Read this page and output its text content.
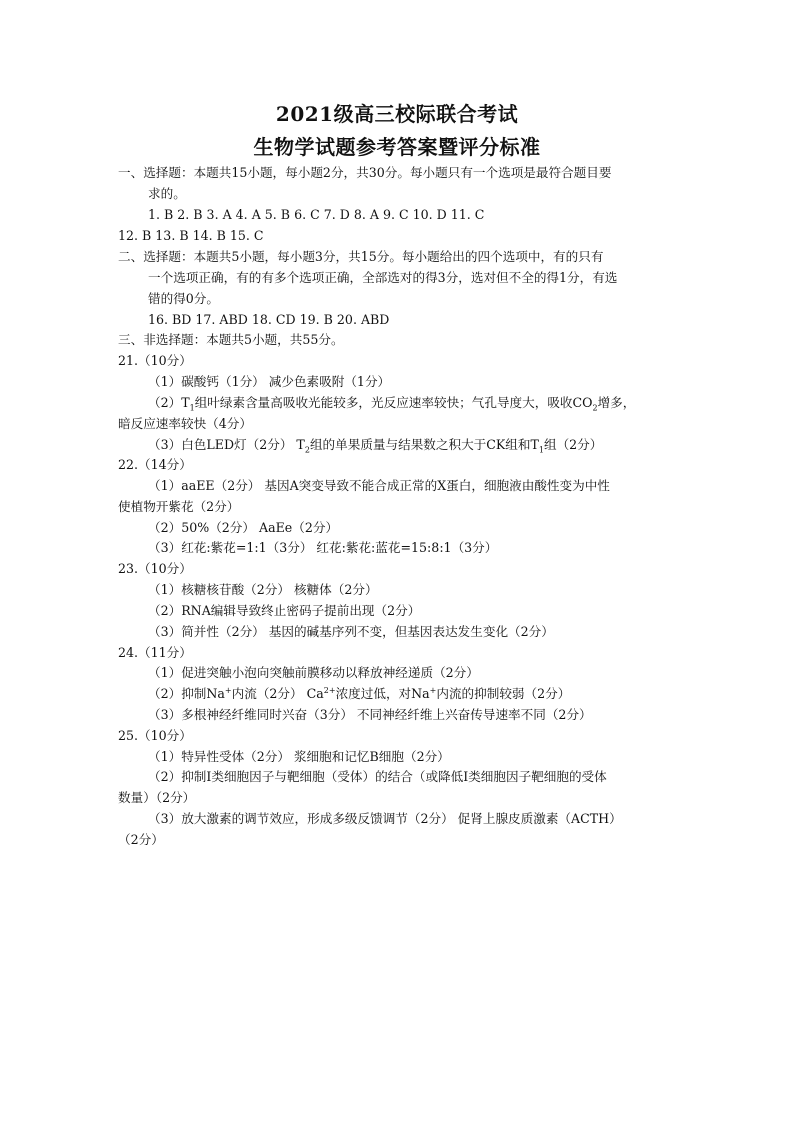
2021级高三校际联合考试
生物学试题参考答案暨评分标准
一、选择题：本题共15小题，每小题2分，共30分。每小题只有一个选项是最符合题目要
求的。
1. B 2. B 3. A 4. A 5. B 6. C 7. D 8. A 9. C 10. D 11. C
12. B 13. B 14. B 15. C
二、选择题：本题共5小题，每小题3分，共15分。每小题给出的四个选项中，有的只有
一个选项正确，有的有多个选项正确，全部选对的得3分，选对但不全的得1分，有选
错的得0分。
16. BD 17. ABD 18. CD 19. B 20. ABD
三、非选择题：本题共5小题，共55分。
21.（10分）
（1）碳酸钙（1分） 减少色素吸附（1分）
$(2)T_1$组叶绿素含量高吸收光能较多，光反应速率较快；气孔导度大，吸收$CO_2$增多，
暗反应速率较快（4分）
（3）白色LED灯（2分） $T_2$组的单果质量与结果数之积大于CK组和$T_1$组（2分）
22.（14分）
（1）aaEE（2分） 基因A突变导致不能合成正常的X蛋白，细胞液由酸性变为中性
使植物开紫花（2分）
（2）50%（2分） AaEe（2分）
（3）红花:紫花=1:1（3分） 红花:紫花:蓝花=15:8:1（3分）
23.（10分）
（1）核糖核苷酸（2分） 核糖体（2分）
（2）RNA编辑导致终止密码子提前出现（2分）
（3）简并性（2分） 基因的碱基序列不变，但基因表达发生变化（2分）
24.（11分）
（1）促进突触小泡向突触前膜移动以释放神经递质（2分）
（2）抑制Na+内流（2分） $Ca^{2+}$浓度过低，对Na+内流的抑制较弱（2分）
（3）多根神经纤维同时兴奋（3分） 不同神经纤维上兴奋传导速率不同（2分）
25.（10分）
（1）特异性受体（2分） 浆细胞和记忆B细胞（2分）
（2）抑制I类细胞因子与靶细胞（受体）的结合（或降低I类细胞因子靶细胞的受体
数量）（2分）
（3）放大激素的调节效应，形成多级反馈调节（2分） 促肾上腺皮质激素（ACTH）
（2分）
